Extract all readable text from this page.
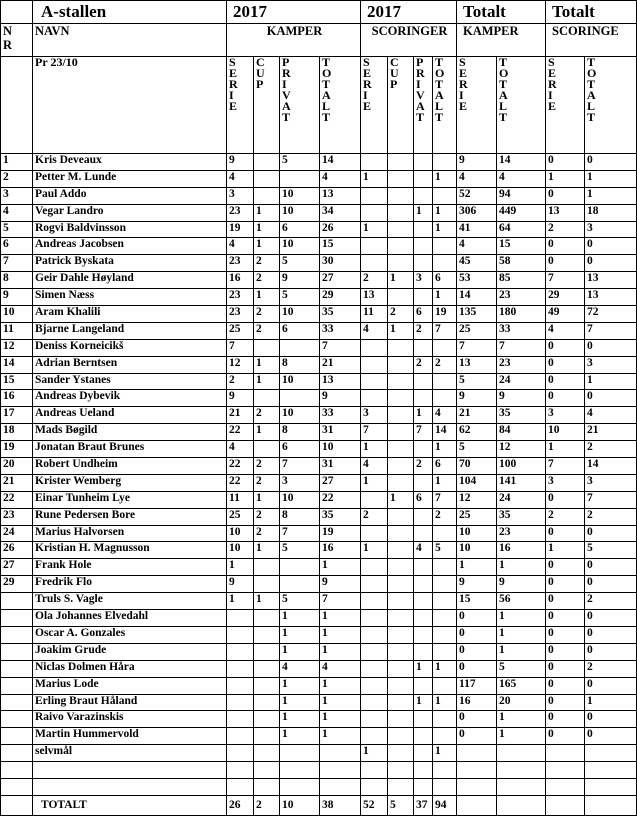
	A-stallen	2017				2017				Totalt		Totalt		

NR	NAVN	KAMPER				SCORINGER				KAMPER		SCORINGE		
	Pr 23/10	SERIE	CUP	PRIVAT	TOTALT	SERIE	CUP	PRIVAT	TOTALT	SERIE	TOTALT	SERIE	TOTALT	

1	Kris Deveaux	9		5	14					9	14	0	0	
2	Petter M. Lunde	4			4	1			1	4	4	1	1	
3	Paul Addo	3		10	13					52	94	0	1	
4	Vegar Landro	23	1	10	34			1	1	306	449	13	18	
5	Rogvi Baldvinsson	19	1	6	26	1			1	41	64	2	3	
6	Andreas Jacobsen	4	1	10	15					4	15	0	0	
7	Patrick Byskata	23	2	5	30					45	58	0	0	
8	Geir Dahle Høyland	16	2	9	27	2	1	3	6	53	85	7	13	
9	Simen Næss	23	1	5	29	13			1	14	23	29	13	
10	Aram Khalili	23	2	10	35	11	2	6	19	135	180	49	72	
11	Bjarne Langeland	25	2	6	33	4	1	2	7	25	33	4	7	
12	Deniss Korneicikš	7			7					7	7	0	0	
14	Adrian Berntsen	12	1	8	21			2	2	13	23	0	3	
15	Sander Ystanes	2	1	10	13					5	24	0	1	
16	Andreas Dybevik	9			9					9	9	0	0	
17	Andreas Ueland	21	2	10	33	3		1	4	21	35	3	4	
18	Mads Bøgild	22	1	8	31	7		7	14	62	84	10	21	
19	Jonatan Braut Brunes	4		6	10	1			1	5	12	1	2	
20	Robert Undheim	22	2	7	31	4		2	6	70	100	7	14	
21	Krister Wemberg	22	2	3	27	1			1	104	141	3	3	
22	Einar Tunheim Lye	11	1	10	22		1	6	7	12	24	0	7	
23	Rune Pedersen Bore	25	2	8	35	2			2	25	35	2	2	
24	Marius Halvorsen	10	2	7	19					10	23	0	0	
26	Kristian H. Magnusson	10	1	5	16	1		4	5	10	16	1	5	
27	Frank Hole	1			1					1	1	0	0	
29	Fredrik Flo	9			9					9	9	0	0	
	Truls S. Vagle	1	1	5	7					15	56	0	2	
	Ola Johannes Elvedahl			1	1					0	1	0	0	
	Oscar A. Gonzales			1	1					0	1	0	0	
	Joakim Grude			1	1					0	1	0	0	
	Niclas Dolmen Håra			4	4			1	1	0	5	0	2	
	Marius Lode			1	1					117	165	0	0	
	Erling Braut Håland			1	1			1	1	16	20	0	1	
	Raivo Varazinskis			1	1					0	1	0	0	
	Martin Hummervold			1	1					0	1	0	0	
	selvmål					1			1					

	TOTALT	26	2	10	38	52	5	37	94					
